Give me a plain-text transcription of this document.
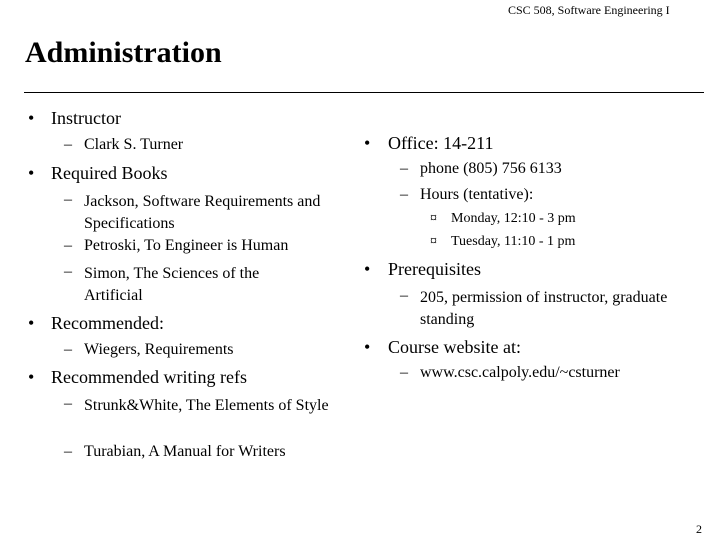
CSC 508, Software Engineering I
Administration
• Instructor
– Clark S. Turner
• Required Books
– Jackson, Software Requirements and Specifications
– Petroski, To Engineer is Human
– Simon, The Sciences of the Artificial
• Recommended:
– Wiegers, Requirements
• Recommended writing refs
– Strunk&White, The Elements of Style
– Turabian, A Manual for Writers
• Office: 14-211
– phone (805) 756 6133
– Hours (tentative):
¤ Monday, 12:10 - 3 pm
¤ Tuesday, 11:10 - 1 pm
• Prerequisites
– 205, permission of instructor, graduate standing
• Course website at:
– www.csc.calpoly.edu/~csturner
2
